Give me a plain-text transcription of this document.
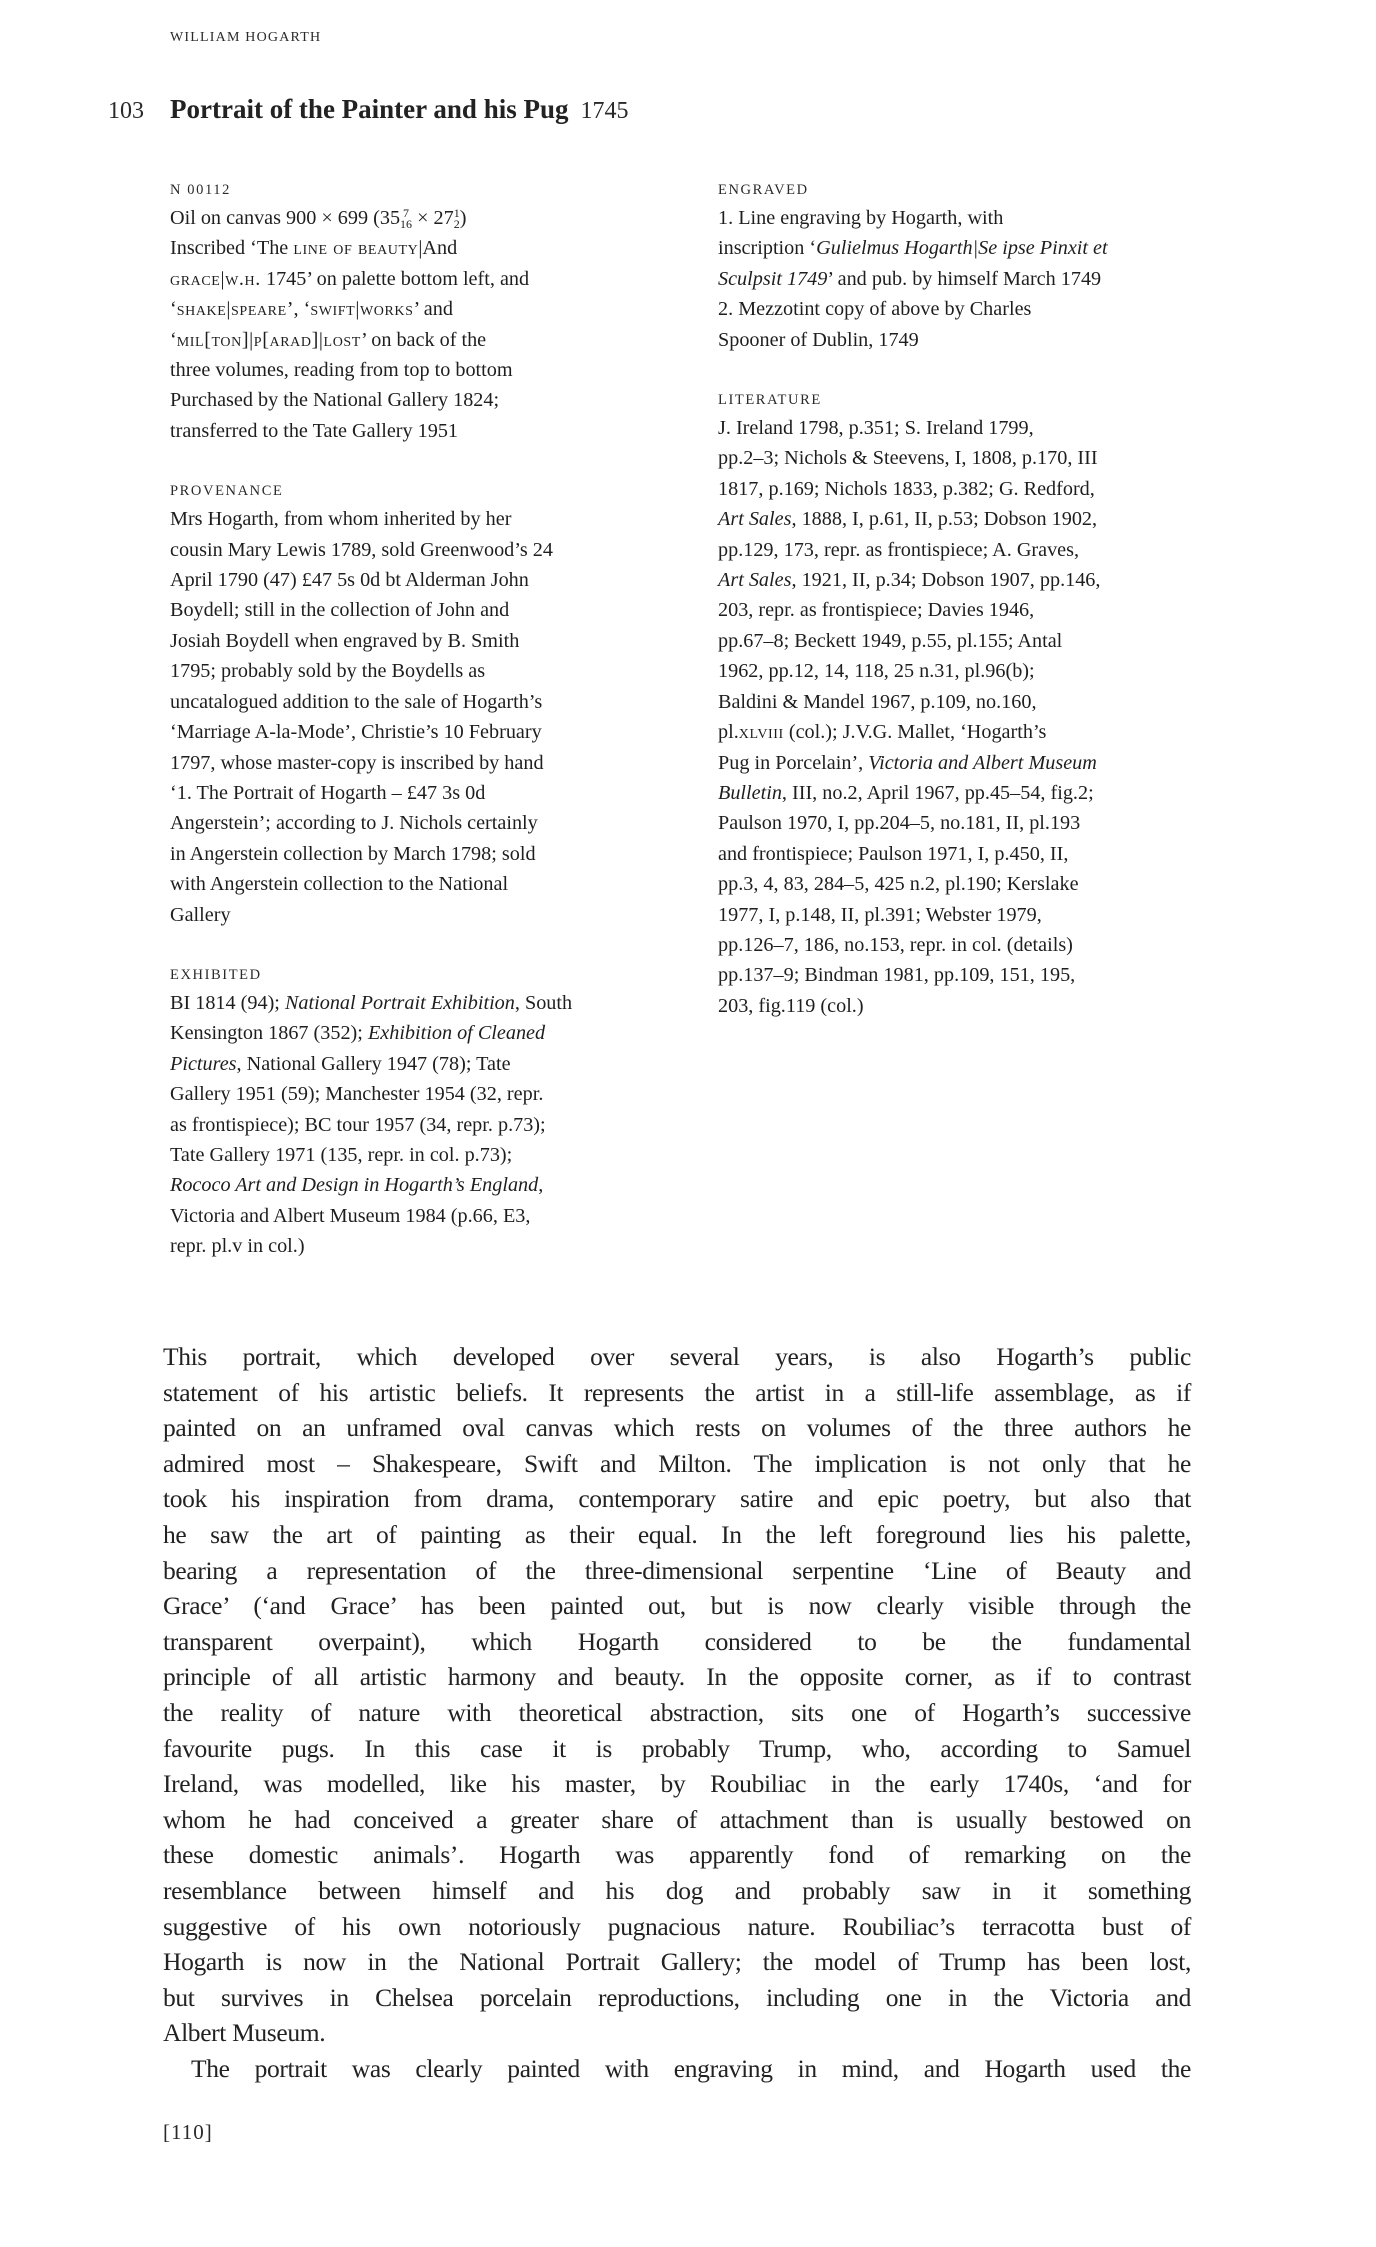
WILLIAM HOGARTH
103 Portrait of the Painter and his Pug 1745
N 00112
Oil on canvas 900 × 699 (35 7
16 × 271
2)
Inscribed ‘The line of beauty|And
grace|w.h. 1745’ on palette bottom left, and
‘shake|speare’, ‘swift|works’ and
‘mil[ton]|p[arad]|lost’ on back of the
three volumes, reading from top to bottom
Purchased by the National Gallery 1824;
transferred to the Tate Gallery 1951
PROVENANCE
Mrs Hogarth, from whom inherited by her
cousin Mary Lewis 1789, sold Greenwood’s 24
April 1790 (47) £47 5s 0d bt Alderman John
Boydell; still in the collection of John and
Josiah Boydell when engraved by B. Smith
1795; probably sold by the Boydells as
uncatalogued addition to the sale of Hogarth’s
‘Marriage A-la-Mode’, Christie’s 10 February
1797, whose master-copy is inscribed by hand
‘1. The Portrait of Hogarth – £47 3s 0d
Angerstein’; according to J. Nichols certainly
in Angerstein collection by March 1798; sold
with Angerstein collection to the National
Gallery
EXHIBITED
BI 1814 (94); National Portrait Exhibition, South
Kensington 1867 (352); Exhibition of Cleaned
Pictures, National Gallery 1947 (78); Tate
Gallery 1951 (59); Manchester 1954 (32, repr.
as frontispiece); BC tour 1957 (34, repr. p.73);
Tate Gallery 1971 (135, repr. in col. p.73);
Rococo Art and Design in Hogarth’s England,
Victoria and Albert Museum 1984 (p.66, E3,
repr. pl.v in col.)
ENGRAVED
1. Line engraving by Hogarth, with
inscription ‘Gulielmus Hogarth|Se ipse Pinxit et
Sculpsit 1749’ and pub. by himself March 1749
2. Mezzotint copy of above by Charles
Spooner of Dublin, 1749
LITERATURE
J. Ireland 1798, p.351; S. Ireland 1799,
pp.2–3; Nichols & Steevens, I, 1808, p.170, III
1817, p.169; Nichols 1833, p.382; G. Redford,
Art Sales, 1888, I, p.61, II, p.53; Dobson 1902,
pp.129, 173, repr. as frontispiece; A. Graves,
Art Sales, 1921, II, p.34; Dobson 1907, pp.146,
203, repr. as frontispiece; Davies 1946,
pp.67–8; Beckett 1949, p.55, pl.155; Antal
1962, pp.12, 14, 118, 25 n.31, pl.96(b);
Baldini & Mandel 1967, p.109, no.160,
pl.xlviii (col.); J.V.G. Mallet, ‘Hogarth’s
Pug in Porcelain’, Victoria and Albert Museum
Bulletin, III, no.2, April 1967, pp.45–54, fig.2;
Paulson 1970, I, pp.204–5, no.181, II, pl.193
and frontispiece; Paulson 1971, I, p.450, II,
pp.3, 4, 83, 284–5, 425 n.2, pl.190; Kerslake
1977, I, p.148, II, pl.391; Webster 1979,
pp.126–7, 186, no.153, repr. in col. (details)
pp.137–9; Bindman 1981, pp.109, 151, 195,
203, fig.119 (col.)
This portrait, which developed over several years, is also Hogarth’s public
statement of his artistic beliefs. It represents the artist in a still-life assemblage, as if
painted on an unframed oval canvas which rests on volumes of the three authors he
admired most – Shakespeare, Swift and Milton. The implication is not only that he
took his inspiration from drama, contemporary satire and epic poetry, but also that
he saw the art of painting as their equal. In the left foreground lies his palette,
bearing a representation of the three-dimensional serpentine ‘Line of Beauty and
Grace’ (‘and Grace’ has been painted out, but is now clearly visible through the
transparent overpaint), which Hogarth considered to be the fundamental
principle of all artistic harmony and beauty. In the opposite corner, as if to contrast
the reality of nature with theoretical abstraction, sits one of Hogarth’s successive
favourite pugs. In this case it is probably Trump, who, according to Samuel
Ireland, was modelled, like his master, by Roubiliac in the early 1740s, ‘and for
whom he had conceived a greater share of attachment than is usually bestowed on
these domestic animals’. Hogarth was apparently fond of remarking on the
resemblance between himself and his dog and probably saw in it something
suggestive of his own notoriously pugnacious nature. Roubiliac’s terracotta bust of
Hogarth is now in the National Portrait Gallery; the model of Trump has been lost,
but survives in Chelsea porcelain reproductions, including one in the Victoria and
Albert Museum.
The portrait was clearly painted with engraving in mind, and Hogarth used the
[110]
